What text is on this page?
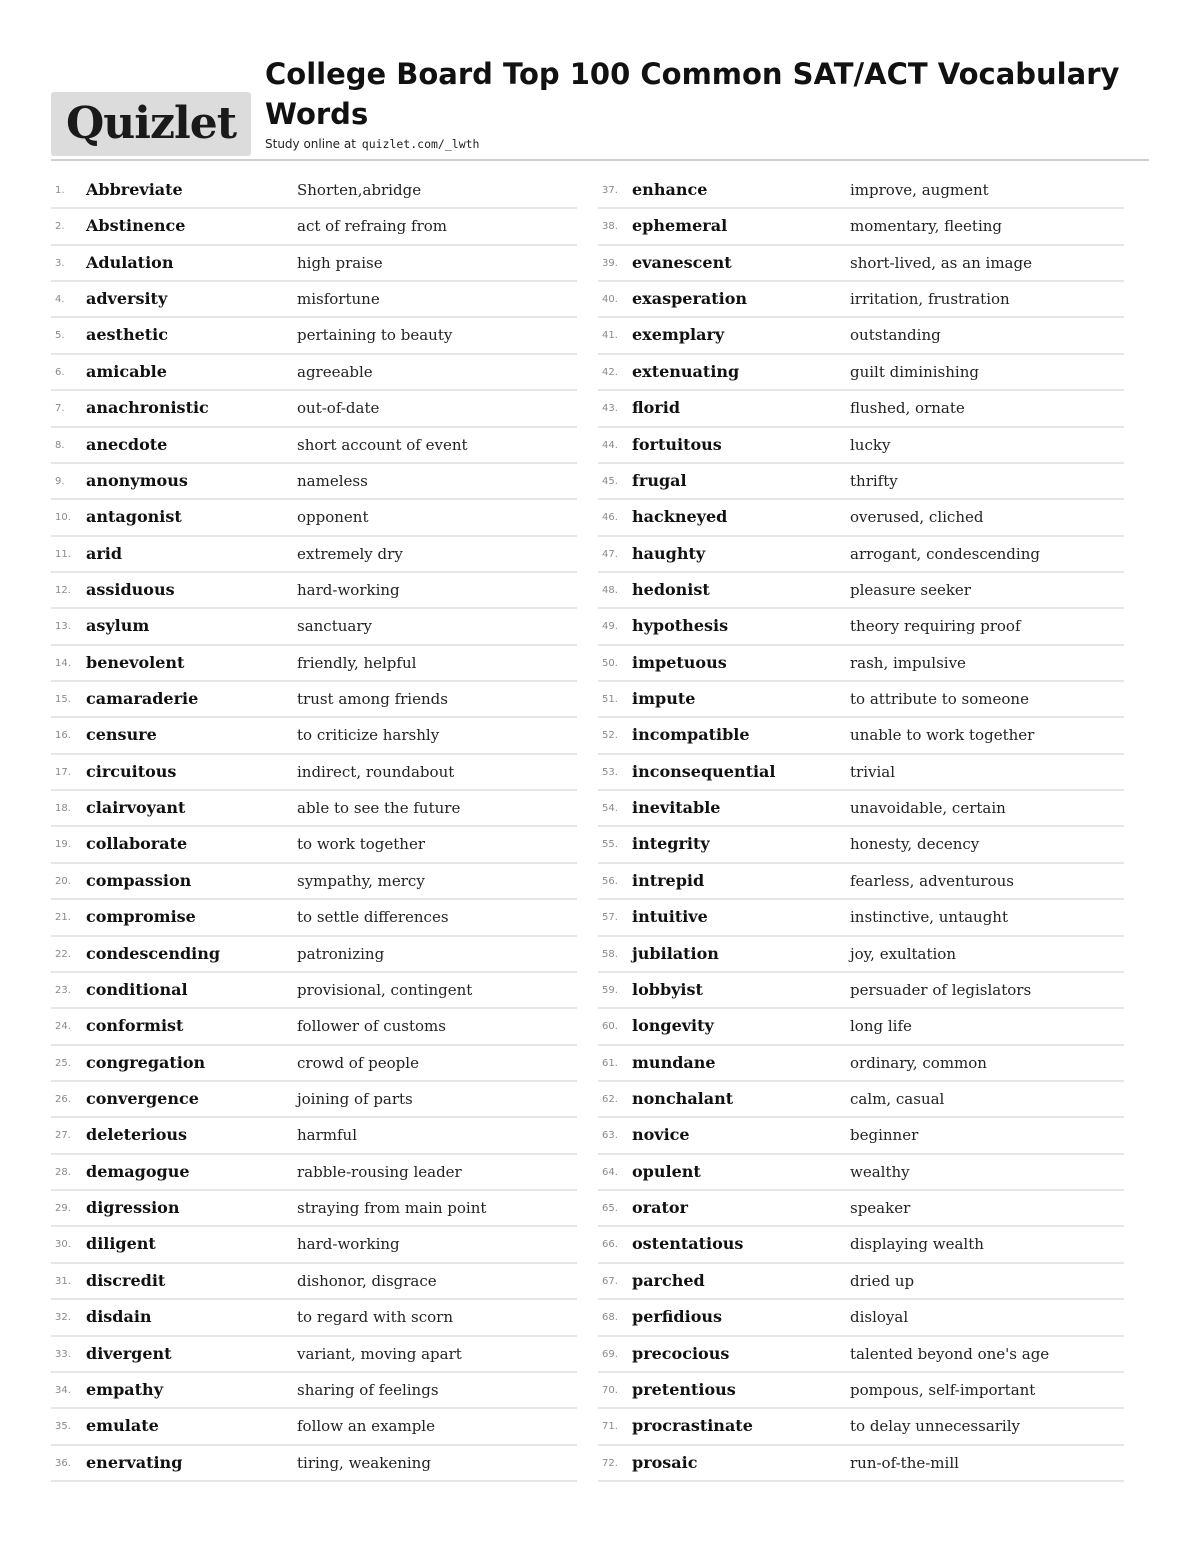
Quizlet
College Board Top 100 Common SAT/ACT Vocabulary Words
Study online at quizlet.com/_lwth
1.	Abbreviate	Shorten,abridge
2.	Abstinence	act of refraing from
3.	Adulation	high praise
4.	adversity	misfortune
5.	aesthetic	pertaining to beauty
6.	amicable	agreeable
7.	anachronistic	out-of-date
8.	anecdote	short account of event
9.	anonymous	nameless
10. antagonist	opponent
11. arid	extremely dry
12. assiduous	hard-working
13. asylum	sanctuary
14. benevolent	friendly, helpful
15. camaraderie	trust among friends
16. censure	to criticize harshly
17. circuitous	indirect, roundabout
18. clairvoyant	able to see the future
19. collaborate	to work together
20. compassion	sympathy, mercy
21. compromise	to settle differences
22. condescending	patronizing
23. conditional	provisional, contingent
24. conformist	follower of customs
25. congregation	crowd of people
26. convergence	joining of parts
27. deleterious	harmful
28. demagogue	rabble-rousing leader
29. digression	straying from main point
30. diligent	hard-working
31. discredit	dishonor, disgrace
32. disdain	to regard with scorn
33. divergent	variant, moving apart
34. empathy	sharing of feelings
35. emulate	follow an example
36. enervating	tiring, weakening
37. enhance	improve, augment
38. ephemeral	momentary, fleeting
39. evanescent	short-lived, as an image
40. exasperation	irritation, frustration
41. exemplary	outstanding
42. extenuating	guilt diminishing
43. florid	flushed, ornate
44. fortuitous	lucky
45. frugal	thrifty
46. hackneyed	overused, cliched
47. haughty	arrogant, condescending
48. hedonist	pleasure seeker
49. hypothesis	theory requiring proof
50. impetuous	rash, impulsive
51. impute	to attribute to someone
52. incompatible	unable to work together
53. inconsequential	trivial
54. inevitable	unavoidable, certain
55. integrity	honesty, decency
56. intrepid	fearless, adventurous
57. intuitive	instinctive, untaught
58. jubilation	joy, exultation
59. lobbyist	persuader of legislators
60. longevity	long life
61. mundane	ordinary, common
62. nonchalant	calm, casual
63. novice	beginner
64. opulent	wealthy
65. orator	speaker
66. ostentatious	displaying wealth
67. parched	dried up
68. perfidious	disloyal
69. precocious	talented beyond one's age
70. pretentious	pompous, self-important
71. procrastinate	to delay unnecessarily
72. prosaic	run-of-the-mill
